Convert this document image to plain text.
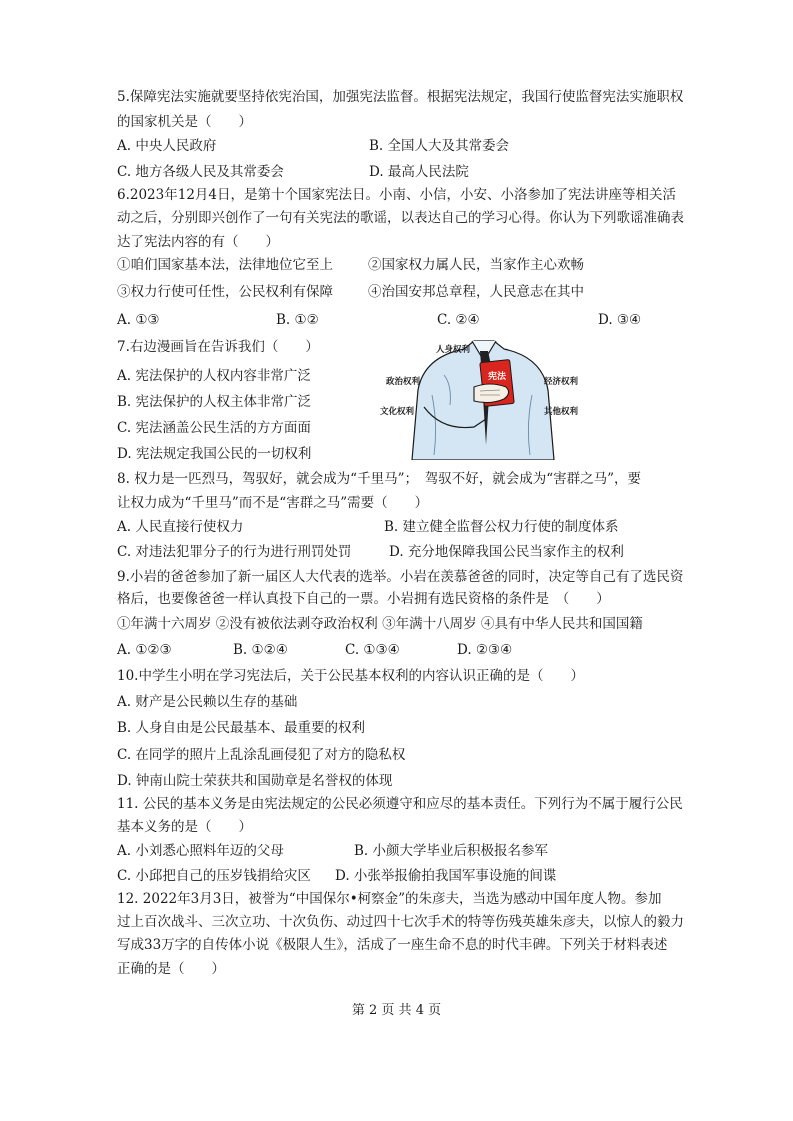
5.保障宪法实施就要坚持依宪治国，加强宪法监督。根据宪法规定，我国行使监督宪法实施职权
的国家机关是（　　）
A. 中央人民政府	B. 全国人大及其常委会
C. 地方各级人民及其常委会	D. 最高人民法院
6.2023年12月4日，是第十个国家宪法日。小南、小信，小安、小洛参加了宪法讲座等相关活
动之后，分别即兴创作了一句有关宪法的歌谣，以表达自己的学习心得。你认为下列歌谣准确表
达了宪法内容的有（　　）
①咱们国家基本法，法律地位它至上	②国家权力属人民，当家作主心欢畅
③权力行使可任性，公民权利有保障	④治国安邦总章程，人民意志在其中
A. ①③	B. ①②	C. ②④	D. ③④
7.右边漫画旨在告诉我们（　　）
A. 宪法保护的人权内容非常广泛
B. 宪法保护的人权主体非常广泛
C. 宪法涵盖公民生活的方方面面
D. 宪法规定我国公民的一切权利
宪法
人身权利
政治权利
文化权利
经济权利
其他权利
8. 权力是一匹烈马，驾驭好，就会成为“千里马”；　驾驭不好，就会成为“害群之马”，要
让权力成为“千里马”而不是“害群之马”需要（　　）
A. 人民直接行使权力	B. 建立健全监督公权力行使的制度体系
C. 对违法犯罪分子的行为进行刑罚处罚	D. 充分地保障我国公民当家作主的权利
9.小岩的爸爸参加了新一届区人大代表的选举。小岩在羡慕爸爸的同时，决定等自己有了选民资
格后，也要像爸爸一样认真投下自己的一票。小岩拥有选民资格的条件是　（　　）
①年满十六周岁 ②没有被依法剥夺政治权利 ③年满十八周岁 ④具有中华人民共和国国籍
A. ①②③	B. ①②④	C. ①③④	D. ②③④
10.中学生小明在学习宪法后，关于公民基本权利的内容认识正确的是（　　）
A. 财产是公民赖以生存的基础
B. 人身自由是公民最基本、最重要的权利
C. 在同学的照片上乱涂乱画侵犯了对方的隐私权
D. 钟南山院士荣获共和国勋章是名誉权的体现
11. 公民的基本义务是由宪法规定的公民必须遵守和应尽的基本责任。下列行为不属于履行公民
基本义务的是（　　）
A. 小刘悉心照料年迈的父母	B. 小颜大学毕业后积极报名参军
C. 小邱把自己的压岁钱捐给灾区 D. 小张举报偷拍我国军事设施的间谍
12. 2022年3月3日，被誉为“中国保尔•柯察金”的朱彦夫，当选为感动中国年度人物。参加
过上百次战斗、三次立功、十次负伤、动过四十七次手术的特等伤残英雄朱彦夫，以惊人的毅力
写成33万字的自传体小说《极限人生》，活成了一座生命不息的时代丰碑。下列关于材料表述
正确的是（　　）
第 2 页 共 4 页
